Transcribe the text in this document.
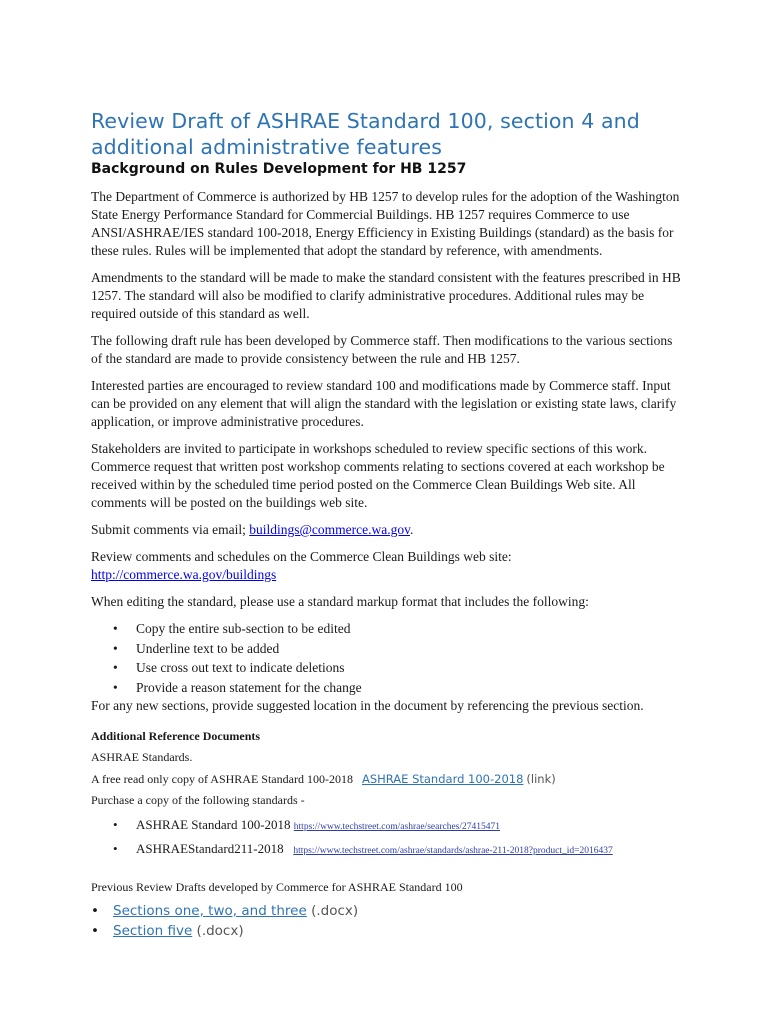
Review Draft of ASHRAE Standard 100, section 4 and additional administrative features
Background on Rules Development for HB 1257

The Department of Commerce is authorized by HB 1257 to develop rules for the adoption of the Washington State Energy Performance Standard for Commercial Buildings. HB 1257 requires Commerce to use ANSI/ASHRAE/IES standard 100-2018, Energy Efficiency in Existing Buildings (standard) as the basis for these rules. Rules will be implemented that adopt the standard by reference, with amendments.

Amendments to the standard will be made to make the standard consistent with the features prescribed in HB 1257. The standard will also be modified to clarify administrative procedures. Additional rules may be required outside of this standard as well.

The following draft rule has been developed by Commerce staff. Then modifications to the various sections of the standard are made to provide consistency between the rule and HB 1257.

Interested parties are encouraged to review standard 100 and modifications made by Commerce staff. Input can be provided on any element that will align the standard with the legislation or existing state laws, clarify application, or improve administrative procedures.

Stakeholders are invited to participate in workshops scheduled to review specific sections of this work. Commerce request that written post workshop comments relating to sections covered at each workshop be received within by the scheduled time period posted on the Commerce Clean Buildings Web site. All comments will be posted on the buildings web site.

Submit comments via email; buildings@commerce.wa.gov.

Review comments and schedules on the Commerce Clean Buildings web site:
http://commerce.wa.gov/buildings

When editing the standard, please use a standard markup format that includes the following:

• Copy the entire sub-section to be edited
• Underline text to be added
• Use cross out text to indicate deletions
• Provide a reason statement for the change

For any new sections, provide suggested location in the document by referencing the previous section.

Additional Reference Documents
ASHRAE Standards.
A free read only copy of ASHRAE Standard 100-2018 ASHRAE Standard 100-2018 (link)
Purchase a copy of the following standards -
• ASHRAE Standard 100-2018 https://www.techstreet.com/ashrae/searches/27415471
• ASHRAEStandard211-2018 https://www.techstreet.com/ashrae/standards/ashrae-211-2018?product_id=2016437
Previous Review Drafts developed by Commerce for ASHRAE Standard 100
• Sections one, two, and three (.docx)
• Section five (.docx)
